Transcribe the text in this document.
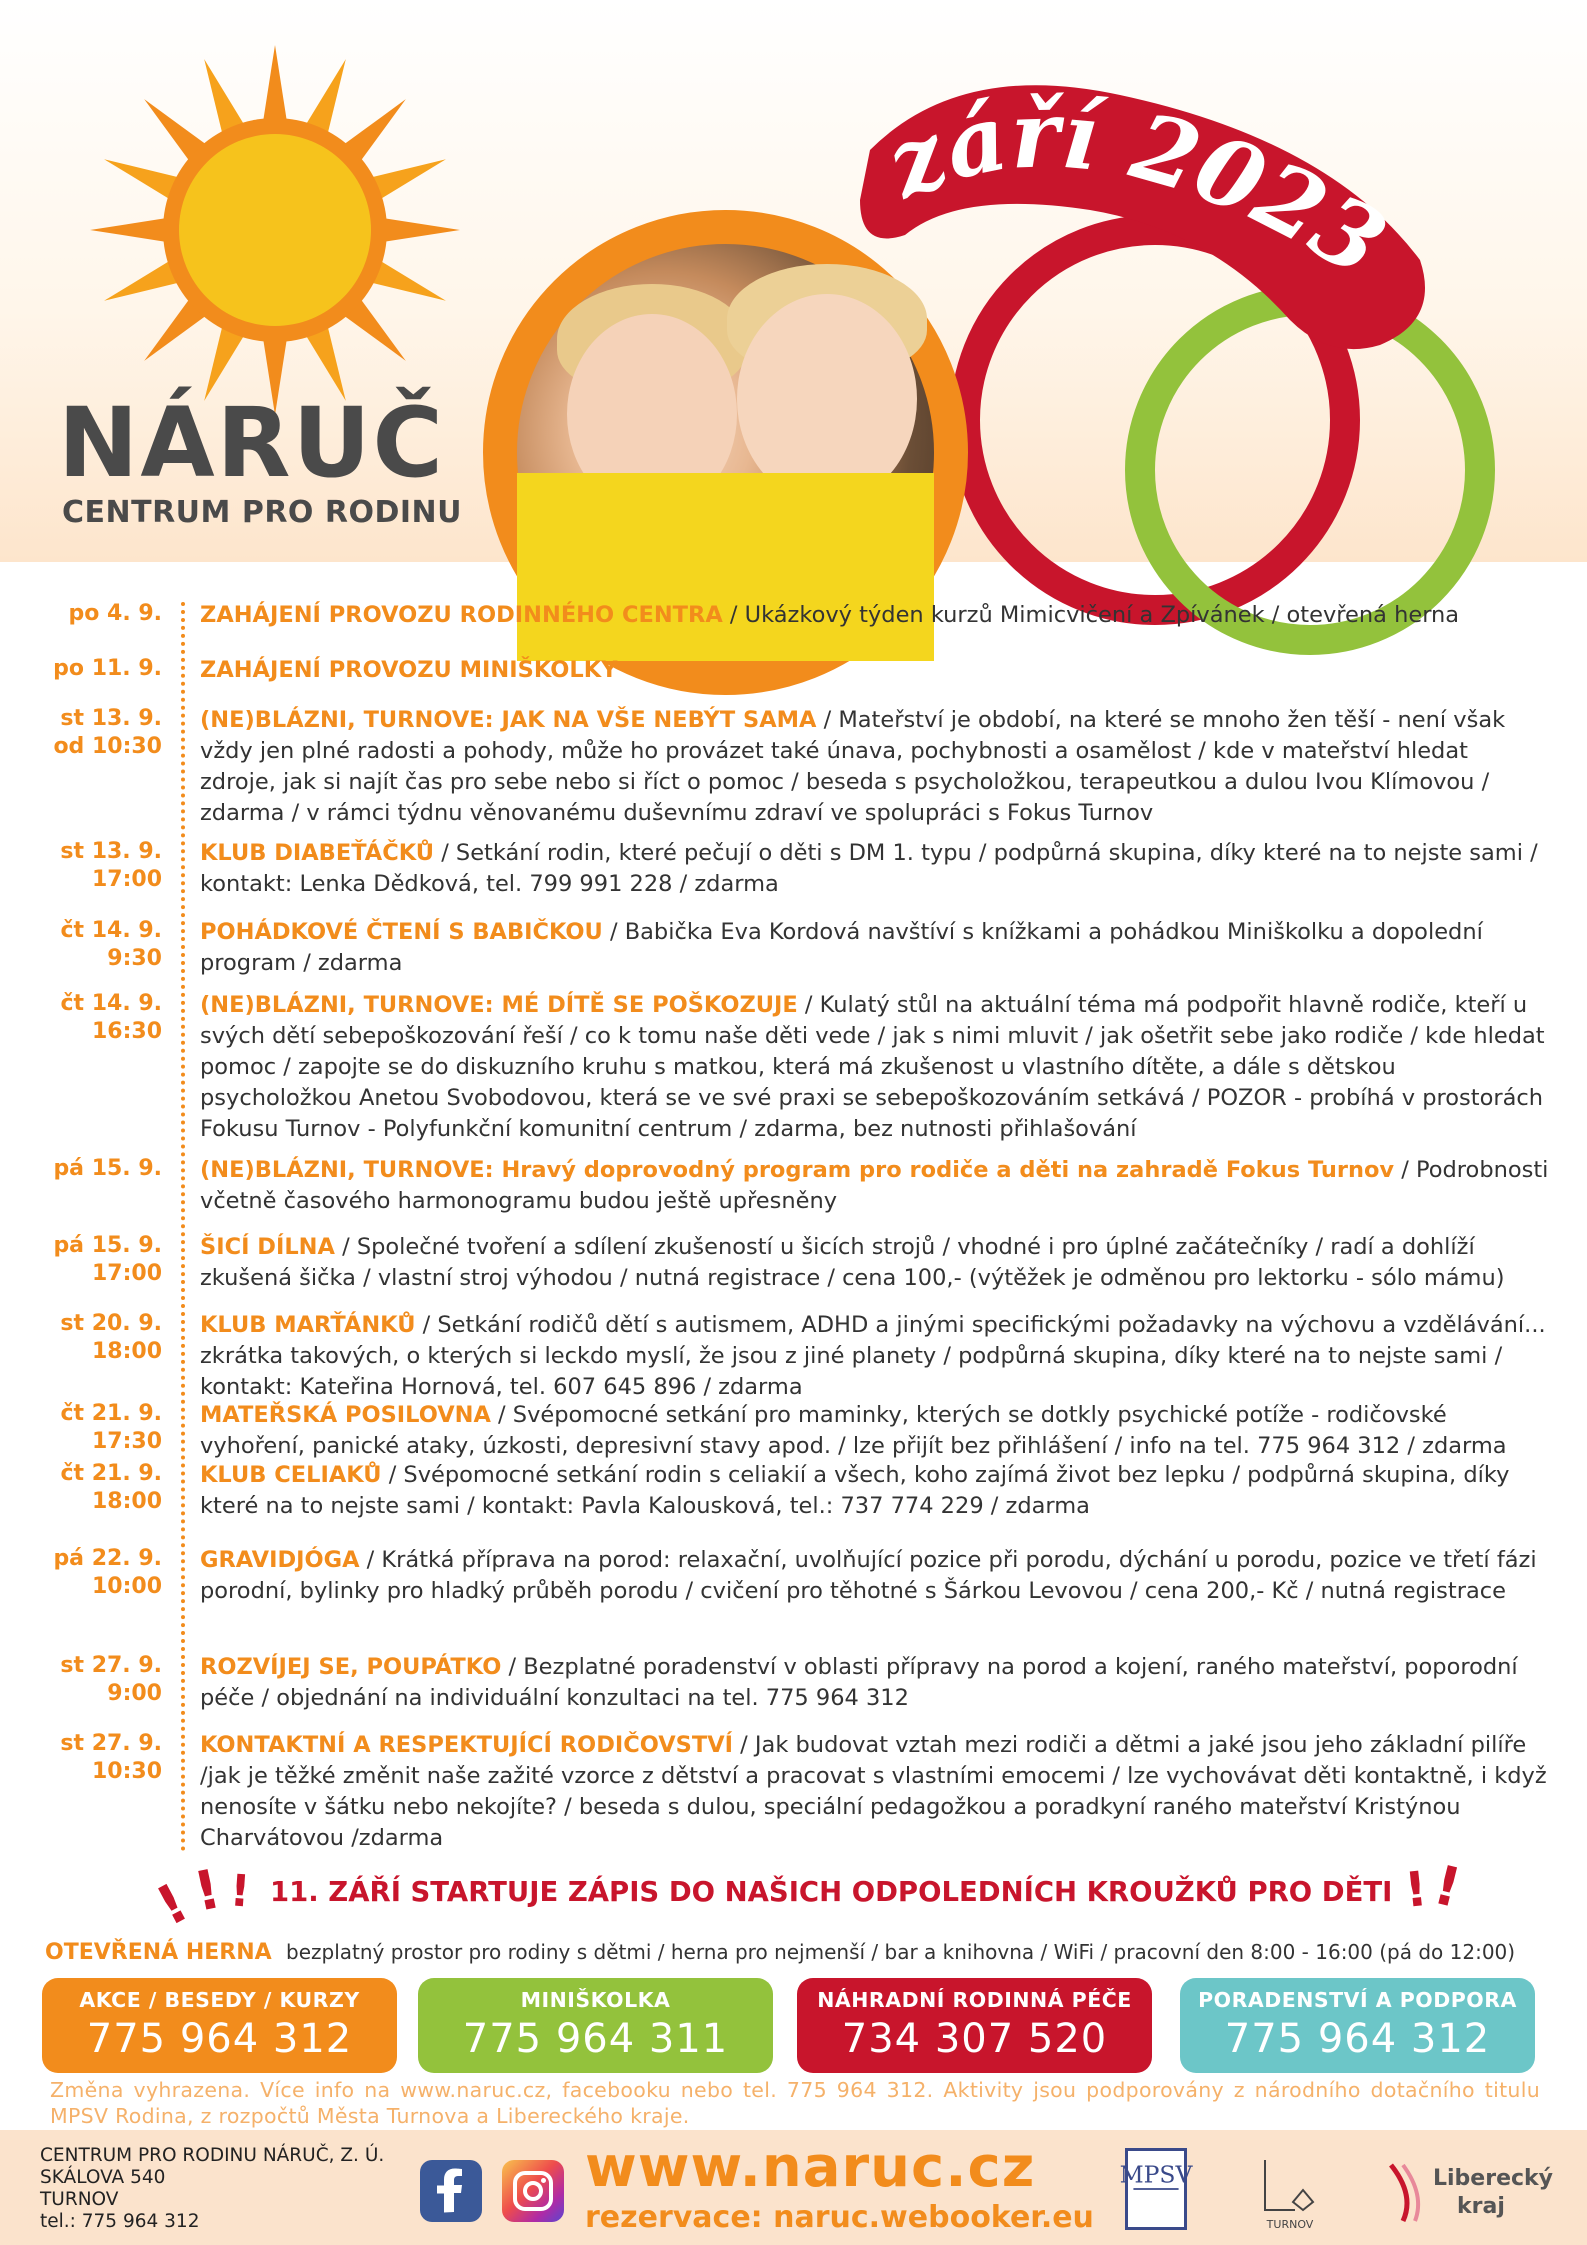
září 2023
NÁRUČ
CENTRUM PRO RODINU
po 4. 9. ZAHÁJENÍ PROVOZU RODINNÉHO CENTRA / Ukázkový týden kurzů Mimicvičení a Zpívánek / otevřená herna
po 11. 9. ZAHÁJENÍ PROVOZU MINIŠKOLKY
st 13. 9.
od 10:30
(NE)BLÁZNI, TURNOVE: JAK NA VŠE NEBÝT SAMA / Mateřství je období, na které se mnoho žen těší - není však vždy jen plné radosti a pohody, může ho provázet také únava, pochybnosti a osamělost / kde v mateřství hledat zdroje, jak si najít čas pro sebe nebo si říct o pomoc / beseda s psycholožkou, terapeutkou a dulou Ivou Klímovou / zdarma / v rámci týdnu věnovanému duševnímu zdraví ve spolupráci s Fokus Turnov
st 13. 9.
17:00
KLUB DIABEŤÁČKŮ / Setkání rodin, které pečují o děti s DM 1. typu / podpůrná skupina, díky které na to nejste sami / kontakt: Lenka Dědková, tel. 799 991 228 / zdarma
čt 14. 9.
9:30
POHÁDKOVÉ ČTENÍ S BABIČKOU / Babička Eva Kordová navštíví s knížkami a pohádkou Miniškolku a dopolední program / zdarma
čt 14. 9.
16:30
(NE)BLÁZNI, TURNOVE: MÉ DÍTĚ SE POŠKOZUJE / Kulatý stůl na aktuální téma má podpořit hlavně rodiče, kteří u svých dětí sebepoškozování řeší / co k tomu naše děti vede / jak s nimi mluvit / jak ošetřit sebe jako rodiče / kde hledat pomoc / zapojte se do diskuzního kruhu s matkou, která má zkušenost u vlastního dítěte, a dále s dětskou psycholožkou Anetou Svobodovou, která se ve své praxi se sebepoškozováním setkává / POZOR - probíhá v prostorách Fokusu Turnov - Polyfunkční komunitní centrum / zdarma, bez nutnosti přihlašování
pá 15. 9. (NE)BLÁZNI, TURNOVE: Hravý doprovodný program pro rodiče a děti na zahradě Fokus Turnov / Podrobnosti včetně časového harmonogramu budou ještě upřesněny
pá 15. 9.
17:00
ŠICÍ DÍLNA / Společné tvoření a sdílení zkušeností u šicích strojů / vhodné i pro úplné začátečníky / radí a dohlíží zkušená šička / vlastní stroj výhodou / nutná registrace / cena 100,- (výtěžek je odměnou pro lektorku - sólo mámu)
st 20. 9.
18:00
KLUB MARŤÁNKŮ / Setkání rodičů dětí s autismem, ADHD a jinými specifickými požadavky na výchovu a vzdělávání... zkrátka takových, o kterých si leckdo myslí, že jsou z jiné planety / podpůrná skupina, díky které na to nejste sami / kontakt: Kateřina Hornová, tel. 607 645 896 / zdarma
čt 21. 9.
17:30
MATEŘSKÁ POSILOVNA / Svépomocné setkání pro maminky, kterých se dotkly psychické potíže - rodičovské vyhoření, panické ataky, úzkosti, depresivní stavy apod. / lze přijít bez přihlášení / info na tel. 775 964 312 / zdarma
čt 21. 9.
18:00
KLUB CELIAKŮ / Svépomocné setkání rodin s celiakií a všech, koho zajímá život bez lepku / podpůrná skupina, díky které na to nejste sami / kontakt: Pavla Kalousková, tel.: 737 774 229 / zdarma
pá 22. 9.
10:00
GRAVIDJÓGA / Krátká příprava na porod: relaxační, uvolňující pozice při porodu, dýchání u porodu, pozice ve třetí fázi porodní, bylinky pro hladký průběh porodu / cvičení pro těhotné s Šárkou Levovou / cena 200,- Kč / nutná registrace
st 27. 9.
9:00
ROZVÍJEJ SE, POUPÁTKO / Bezplatné poradenství v oblasti přípravy na porod a kojení, raného mateřství, poporodní péče / objednání na individuální konzultaci na tel. 775 964 312
st 27. 9.
10:30
KONTAKTNÍ A RESPEKTUJÍCÍ RODIČOVSTVÍ / Jak budovat vztah mezi rodiči a dětmi a jaké jsou jeho základní pilíře /jak je těžké změnit naše zažité vzorce z dětství a pracovat s vlastními emocemi / lze vychovávat děti kontaktně, i když nenosíte v šátku nebo nekojíte? / beseda s dulou, speciální pedagožkou a poradkyní raného mateřství Kristýnou Charvátovou /zdarma
!
! ! 11. ZÁŘÍ STARTUJE ZÁPIS DO NAŠICH ODPOLEDNÍCH KROUŽKŮ PRO DĚTI !
!
OTEVŘENÁ HERNA bezplatný prostor pro rodiny s dětmi / herna pro nejmenší / bar a knihovna / WiFi / pracovní den 8:00 - 16:00 (pá do 12:00)
AKCE / BESEDY / KURZY
775 964 312
MINIŠKOLKA
775 964 311
NÁHRADNÍ RODINNÁ PÉČE
734 307 520
PORADENSTVÍ A PODPORA
775 964 312
Změna vyhrazena. Více info na www.naruc.cz, facebooku nebo tel. 775 964 312. Aktivity jsou podporovány z národního dotačního titulu MPSV Rodina, z rozpočtů Města Turnova a Libereckého kraje.
CENTRUM PRO RODINU NÁRUČ, Z. Ú.
SKÁLOVA 540
TURNOV
tel.: 775 964 312
www.naruc.cz
rezervace: naruc.webooker.eu
MPSV
TURNOV
Liberecký
kraj
